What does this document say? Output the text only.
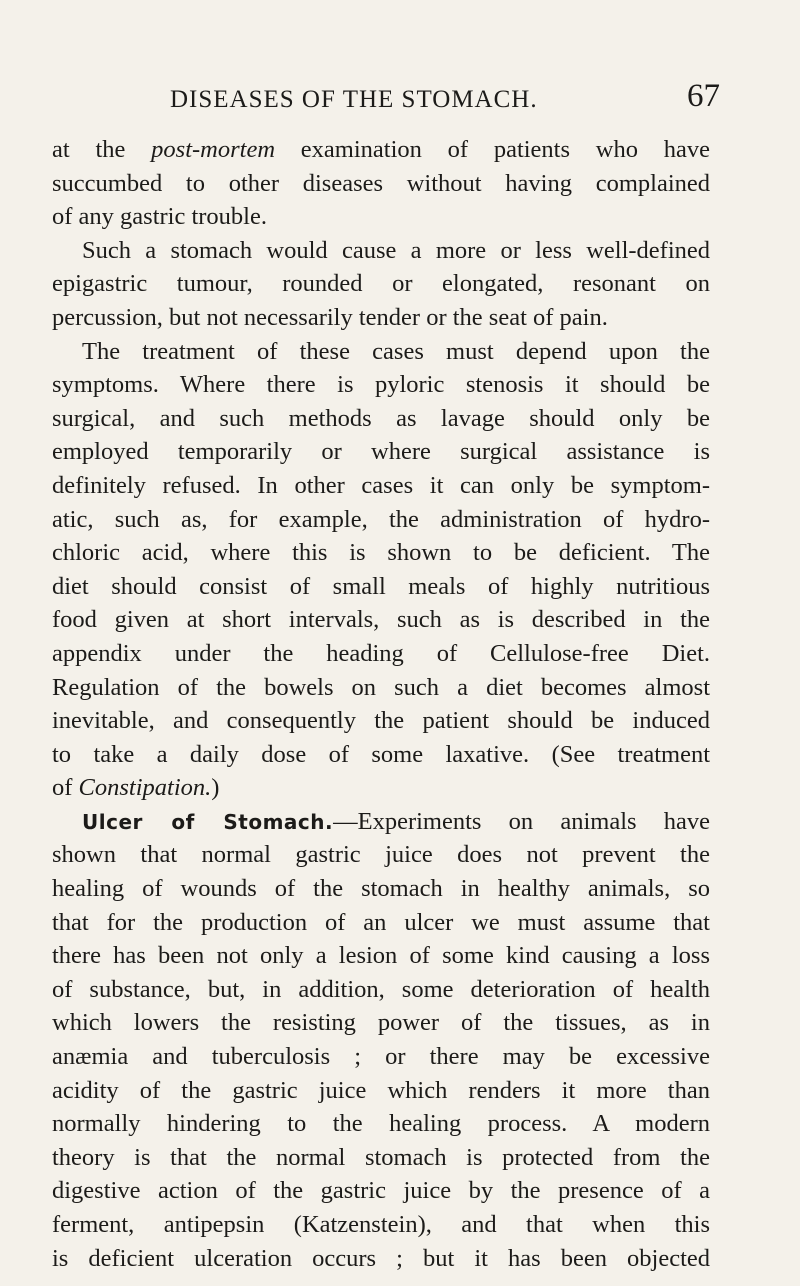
DISEASES OF THE STOMACH.	67
at the post-mortem examination of patients who have
succumbed to other diseases without having complained
of any gastric trouble.
Such a stomach would cause a more or less well-defined
epigastric tumour, rounded or elongated, resonant on
percussion, but not necessarily tender or the seat of pain.
The treatment of these cases must depend upon the
symptoms. Where there is pyloric stenosis it should be
surgical, and such methods as lavage should only be
employed temporarily or where surgical assistance is
definitely refused. In other cases it can only be symptom-
atic, such as, for example, the administration of hydro-
chloric acid, where this is shown to be deficient. The
diet should consist of small meals of highly nutritious
food given at short intervals, such as is described in the
appendix under the heading of Cellulose-free Diet.
Regulation of the bowels on such a diet becomes almost
inevitable, and consequently the patient should be induced
to take a daily dose of some laxative. (See treatment
of Constipation.)
Ulcer of Stomach.—Experiments on animals have
shown that normal gastric juice does not prevent the
healing of wounds of the stomach in healthy animals, so
that for the production of an ulcer we must assume that
there has been not only a lesion of some kind causing a loss
of substance, but, in addition, some deterioration of health
which lowers the resisting power of the tissues, as in
anæmia and tuberculosis ; or there may be excessive
acidity of the gastric juice which renders it more than
normally hindering to the healing process. A modern
theory is that the normal stomach is protected from the
digestive action of the gastric juice by the presence of a
ferment, antipepsin (Katzenstein), and that when this
is deficient ulceration occurs ; but it has been objected
